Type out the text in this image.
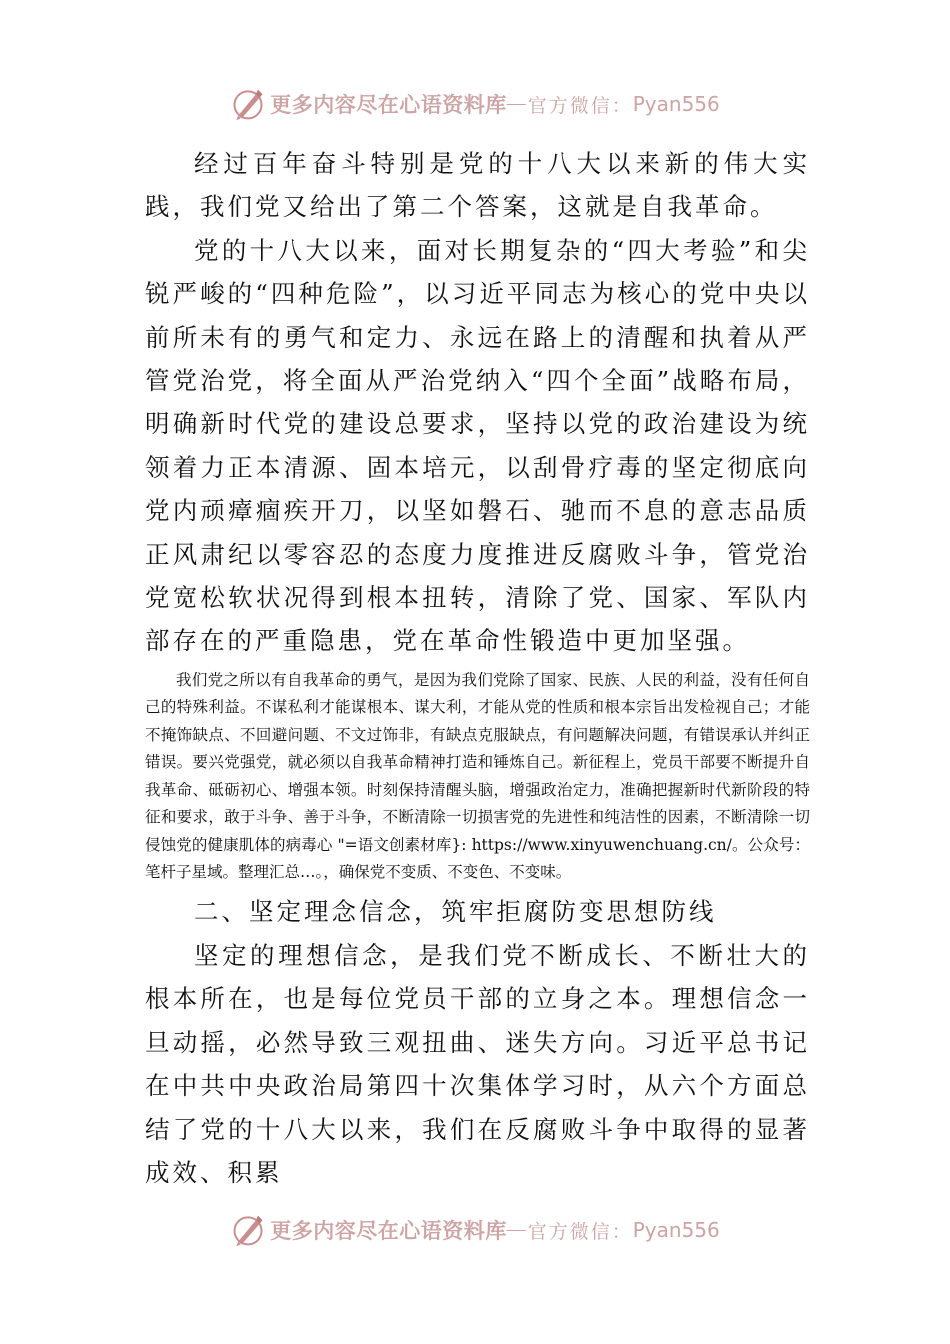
更多内容尽在心语资料库 — 官方微信： Pyan556

经过百年奋斗特别是党的十八大以来新的伟大实践，我们党又给出了第二个答案，这就是自我革命。

党的十八大以来，面对长期复杂的“四大考验”和尖锐严峻的“四种危险”，以习近平同志为核心的党中央以前所未有的勇气和定力、永远在路上的清醒和执着从严管党治党，将全面从严治党纳入“四个全面”战略布局，明确新时代党的建设总要求，坚持以党的政治建设为统领着力正本清源、固本培元，以刮骨疗毒的坚定彻底向党内顽瘴痼疾开刀，以坚如磐石、驰而不息的意志品质正风肃纪以零容忍的态度力度推进反腐败斗争，管党治党宽松软状况得到根本扭转，清除了党、国家、军队内部存在的严重隐患，党在革命性锻造中更加坚强。

我们党之所以有自我革命的勇气，是因为我们党除了国家、民族、人民的利益，没有任何自己的特殊利益。不谋私利才能谋根本、谋大利，才能从党的性质和根本宗旨出发检视自己；才能不掩饰缺点、不回避问题、不文过饰非，有缺点克服缺点，有问题解决问题，有错误承认并纠正错误。要兴党强党，就必须以自我革命精神打造和锤炼自己。新征程上，党员干部要不断提升自我革命、砥砺初心、增强本领。时刻保持清醒头脑，增强政治定力，准确把握新时代新阶段的特征和要求，敢于斗争、善于斗争，不断清除一切损害党的先进性和纯洁性的因素，不断清除一切侵蚀党的健康肌体的病毒心 "=语文创素材库}: https://www.xinyuwenchuang.cn/。公众号：笔杆子星域。整理汇总…。，确保党不变质、不变色、不变味。

二、坚定理念信念，筑牢拒腐防变思想防线

坚定的理想信念，是我们党不断成长、不断壮大的根本所在，也是每位党员干部的立身之本。理想信念一旦动摇，必然导致三观扭曲、迷失方向。习近平总书记在中共中央政治局第四十次集体学习时，从六个方面总结了党的十八大以来，我们在反腐败斗争中取得的显著成效、积累

更多内容尽在心语资料库 — 官方微信： Pyan556
